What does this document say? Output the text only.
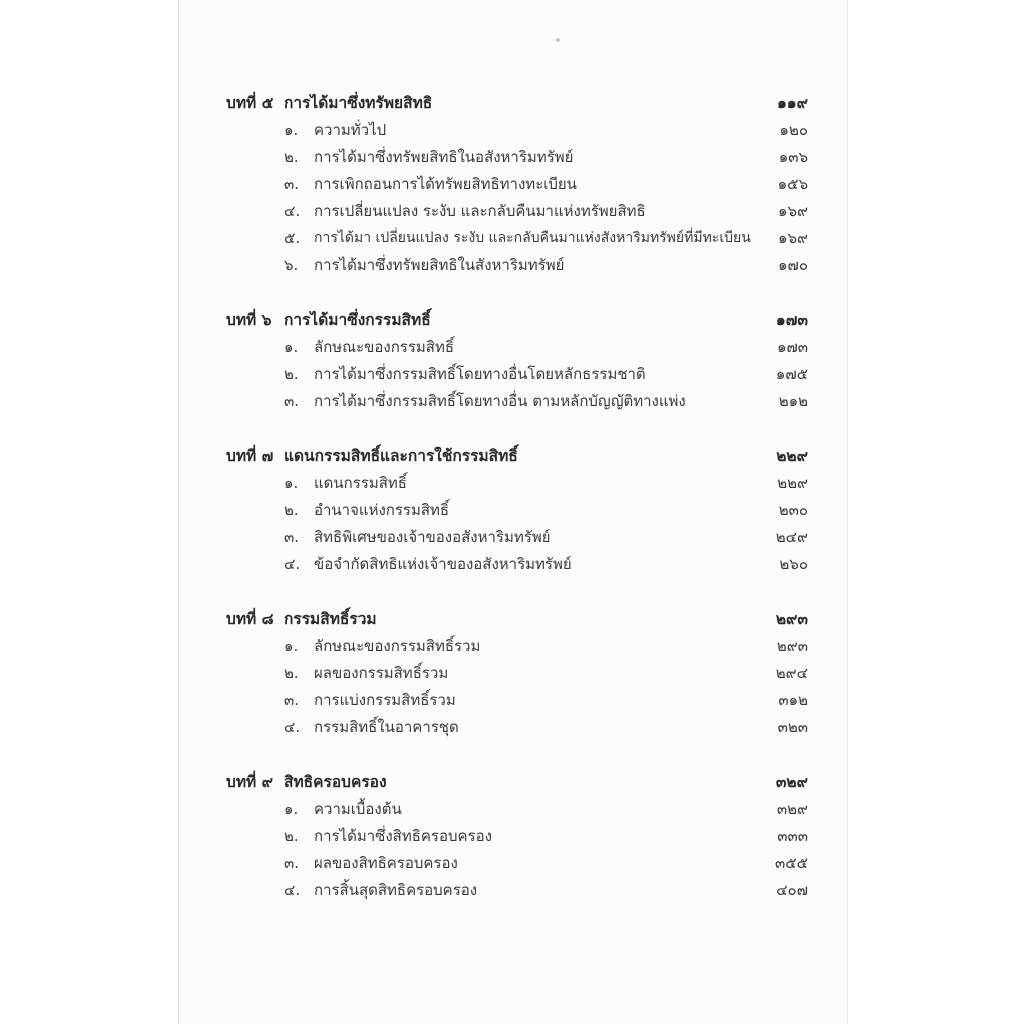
บทที่ ๕ การได้มาซึ่งทรัพยสิทธิ	๑๑๙
๑. ความทั่วไป	๑๒๐
๒. การได้มาซึ่งทรัพยสิทธิในอสังหาริมทรัพย์	๑๓๖
๓. การเพิกถอนการได้ทรัพยสิทธิทางทะเบียน	๑๕๖
๔. การเปลี่ยนแปลง ระงับ และกลับคืนมาแห่งทรัพยสิทธิ	๑๖๙
๕. การได้มา เปลี่ยนแปลง ระงับ และกลับคืนมาแห่งสังหาริมทรัพย์ที่มีทะเบียน ๑๖๙
๖. การได้มาซึ่งทรัพยสิทธิในสังหาริมทรัพย์	๑๗๐
บทที่ ๖ การได้มาซึ่งกรรมสิทธิ์	๑๗๓
๑. ลักษณะของกรรมสิทธิ์	๑๗๓
๒. การได้มาซึ่งกรรมสิทธิ์โดยทางอื่นโดยหลักธรรมชาติ	๑๗๕
๓. การได้มาซึ่งกรรมสิทธิ์โดยทางอื่น ตามหลักบัญญัติทางแพ่ง	๒๑๒
บทที่ ๗ แดนกรรมสิทธิ์และการใช้กรรมสิทธิ์	๒๒๙
๑. แดนกรรมสิทธิ์	๒๒๙
๒. อำนาจแห่งกรรมสิทธิ์	๒๓๐
๓. สิทธิพิเศษของเจ้าของอสังหาริมทรัพย์	๒๔๙
๔. ข้อจำกัดสิทธิแห่งเจ้าของอสังหาริมทรัพย์	๒๖๐
บทที่ ๘ กรรมสิทธิ์รวม	๒๙๓
๑. ลักษณะของกรรมสิทธิ์รวม	๒๙๓
๒. ผลของกรรมสิทธิ์รวม	๒๙๔
๓. การแบ่งกรรมสิทธิ์รวม	๓๑๒
๔. กรรมสิทธิ์ในอาคารชุด	๓๒๓
บทที่ ๙ สิทธิครอบครอง	๓๒๙
๑. ความเบื้องต้น	๓๒๙
๒. การได้มาซึ่งสิทธิครอบครอง	๓๓๓
๓. ผลของสิทธิครอบครอง	๓๕๕
๔. การสิ้นสุดสิทธิครอบครอง	๔๐๗
